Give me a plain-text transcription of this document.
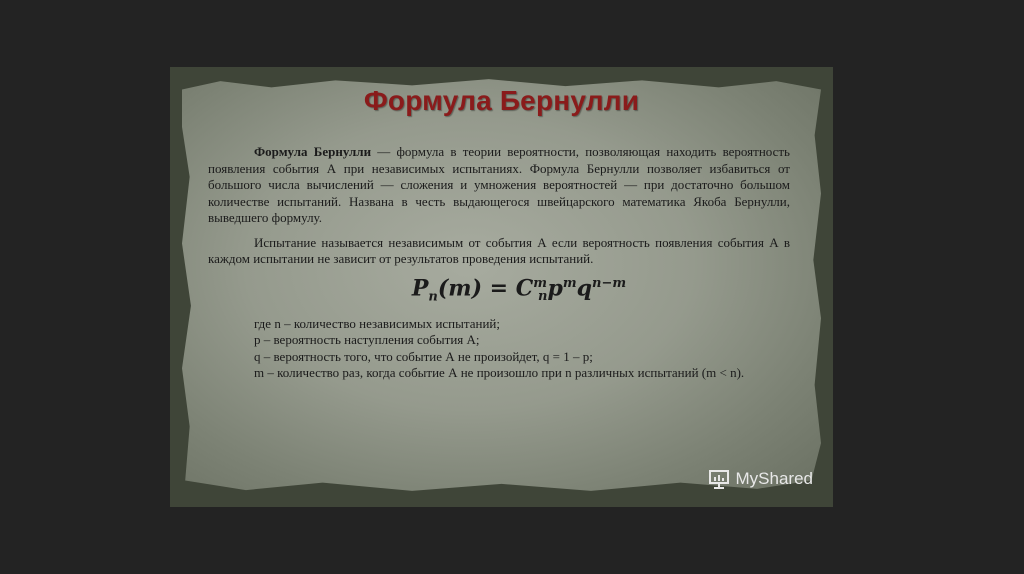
Формула Бернулли

Формула Бернулли — формула в теории вероятности, позволяющая находить вероятность появления события А при независимых испытаниях. Формула Бернулли позволяет избавиться от большого числа вычислений — сложения и умножения вероятностей — при достаточно большом количестве испытаний. Названа в честь выдающегося швейцарского математика Якоба Бернулли, выведшего формулу.

Испытание называется независимым от события А если вероятность появления события А в каждом испытании не зависит от результатов проведения испытаний.

$P_n(m) = C^m_np^mq^{n-m}$
где n – количество независимых испытаний;
p – вероятность наступления события А;
q – вероятность того, что событие А не произойдет, q = 1 – p;
m – количество раз, когда событие А не произошло при n различных испытаний (m < n).
MyShared
